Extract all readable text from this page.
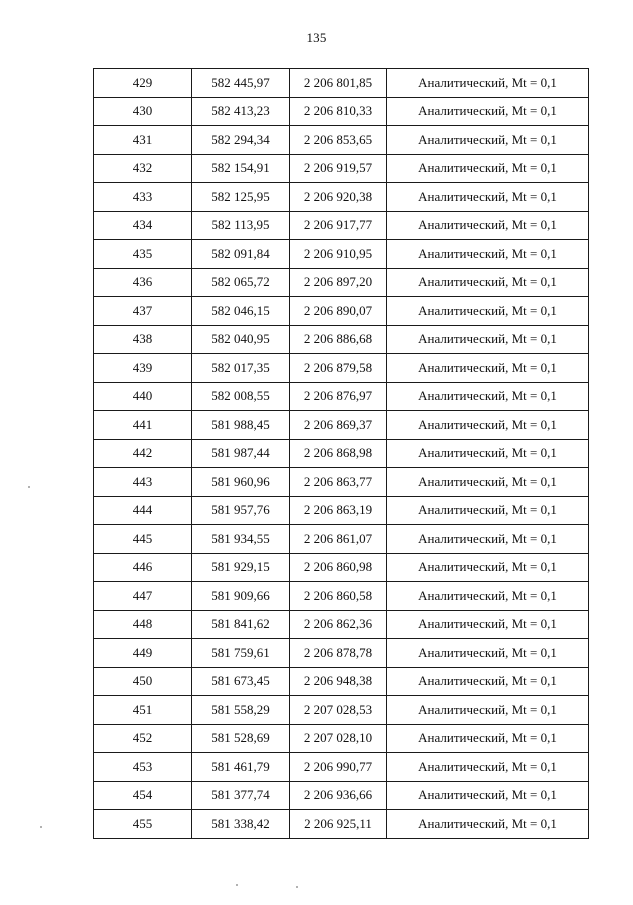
135
429	582 445,97	2 206 801,85	Аналитический, Mt = 0,1
430	582 413,23	2 206 810,33	Аналитический, Mt = 0,1
431	582 294,34	2 206 853,65	Аналитический, Mt = 0,1
432	582 154,91	2 206 919,57	Аналитический, Mt = 0,1
433	582 125,95	2 206 920,38	Аналитический, Mt = 0,1
434	582 113,95	2 206 917,77	Аналитический, Mt = 0,1
435	582 091,84	2 206 910,95	Аналитический, Mt = 0,1
436	582 065,72	2 206 897,20	Аналитический, Mt = 0,1
437	582 046,15	2 206 890,07	Аналитический, Mt = 0,1
438	582 040,95	2 206 886,68	Аналитический, Mt = 0,1
439	582 017,35	2 206 879,58	Аналитический, Mt = 0,1
440	582 008,55	2 206 876,97	Аналитический, Mt = 0,1
441	581 988,45	2 206 869,37	Аналитический, Mt = 0,1
442	581 987,44	2 206 868,98	Аналитический, Mt = 0,1
443	581 960,96	2 206 863,77	Аналитический, Mt = 0,1
444	581 957,76	2 206 863,19	Аналитический, Mt = 0,1
445	581 934,55	2 206 861,07	Аналитический, Mt = 0,1
446	581 929,15	2 206 860,98	Аналитический, Mt = 0,1
447	581 909,66	2 206 860,58	Аналитический, Mt = 0,1
448	581 841,62	2 206 862,36	Аналитический, Mt = 0,1
449	581 759,61	2 206 878,78	Аналитический, Mt = 0,1
450	581 673,45	2 206 948,38	Аналитический, Mt = 0,1
451	581 558,29	2 207 028,53	Аналитический, Mt = 0,1
452	581 528,69	2 207 028,10	Аналитический, Mt = 0,1
453	581 461,79	2 206 990,77	Аналитический, Mt = 0,1
454	581 377,74	2 206 936,66	Аналитический, Mt = 0,1
455	581 338,42	2 206 925,11	Аналитический, Mt = 0,1
